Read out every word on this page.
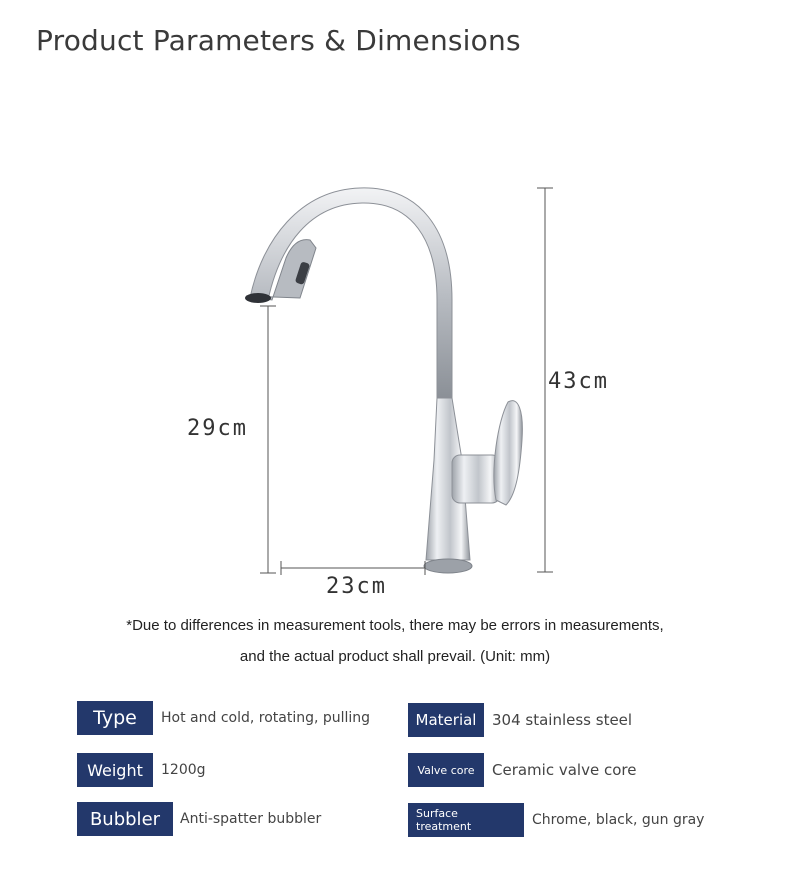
Product Parameters & Dimensions
43cm
29cm
23cm
*Due to differences in measurement tools, there may be errors in measurements,
and the actual product shall prevail. (Unit: mm)
Type	Hot and cold, rotating, pulling	Material	304 stainless steel
Weight	1200g	Valve core	Ceramic valve core
Bubbler	Anti-spatter bubbler	Surface treatment	Chrome, black, gun gray
